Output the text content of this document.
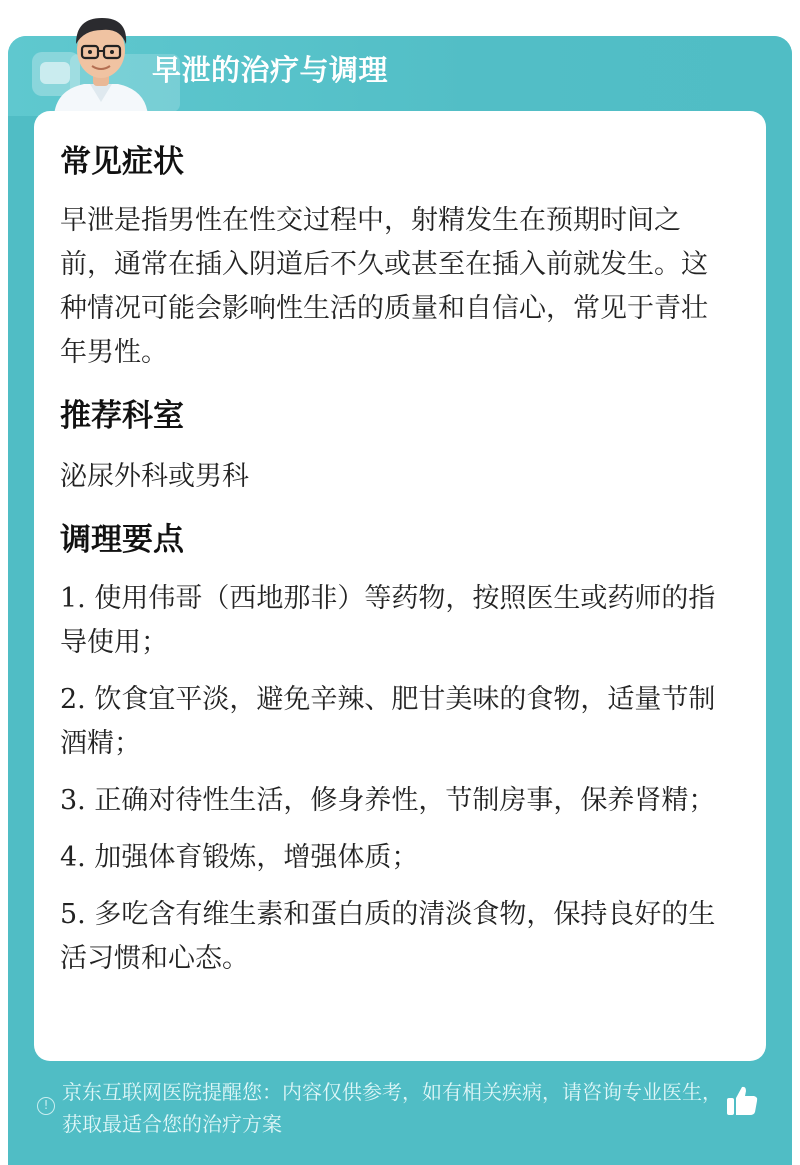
早泄的治疗与调理
常见症状
早泄是指男性在性交过程中，射精发生在预期时间之前，通常在插入阴道后不久或甚至在插入前就发生。这种情况可能会影响性生活的质量和自信心，常见于青壮年男性。
推荐科室
泌尿外科或男科
调理要点
1. 使用伟哥（西地那非）等药物，按照医生或药师的指导使用；
2. 饮食宜平淡，避免辛辣、肥甘美味的食物，适量节制酒精；
3. 正确对待性生活，修身养性，节制房事，保养肾精；
4. 加强体育锻炼，增强体质；
5. 多吃含有维生素和蛋白质的清淡食物，保持良好的生活习惯和心态。
!
京东互联网医院提醒您：内容仅供参考，如有相关疾病，请咨询专业医生，获取最适合您的治疗方案
